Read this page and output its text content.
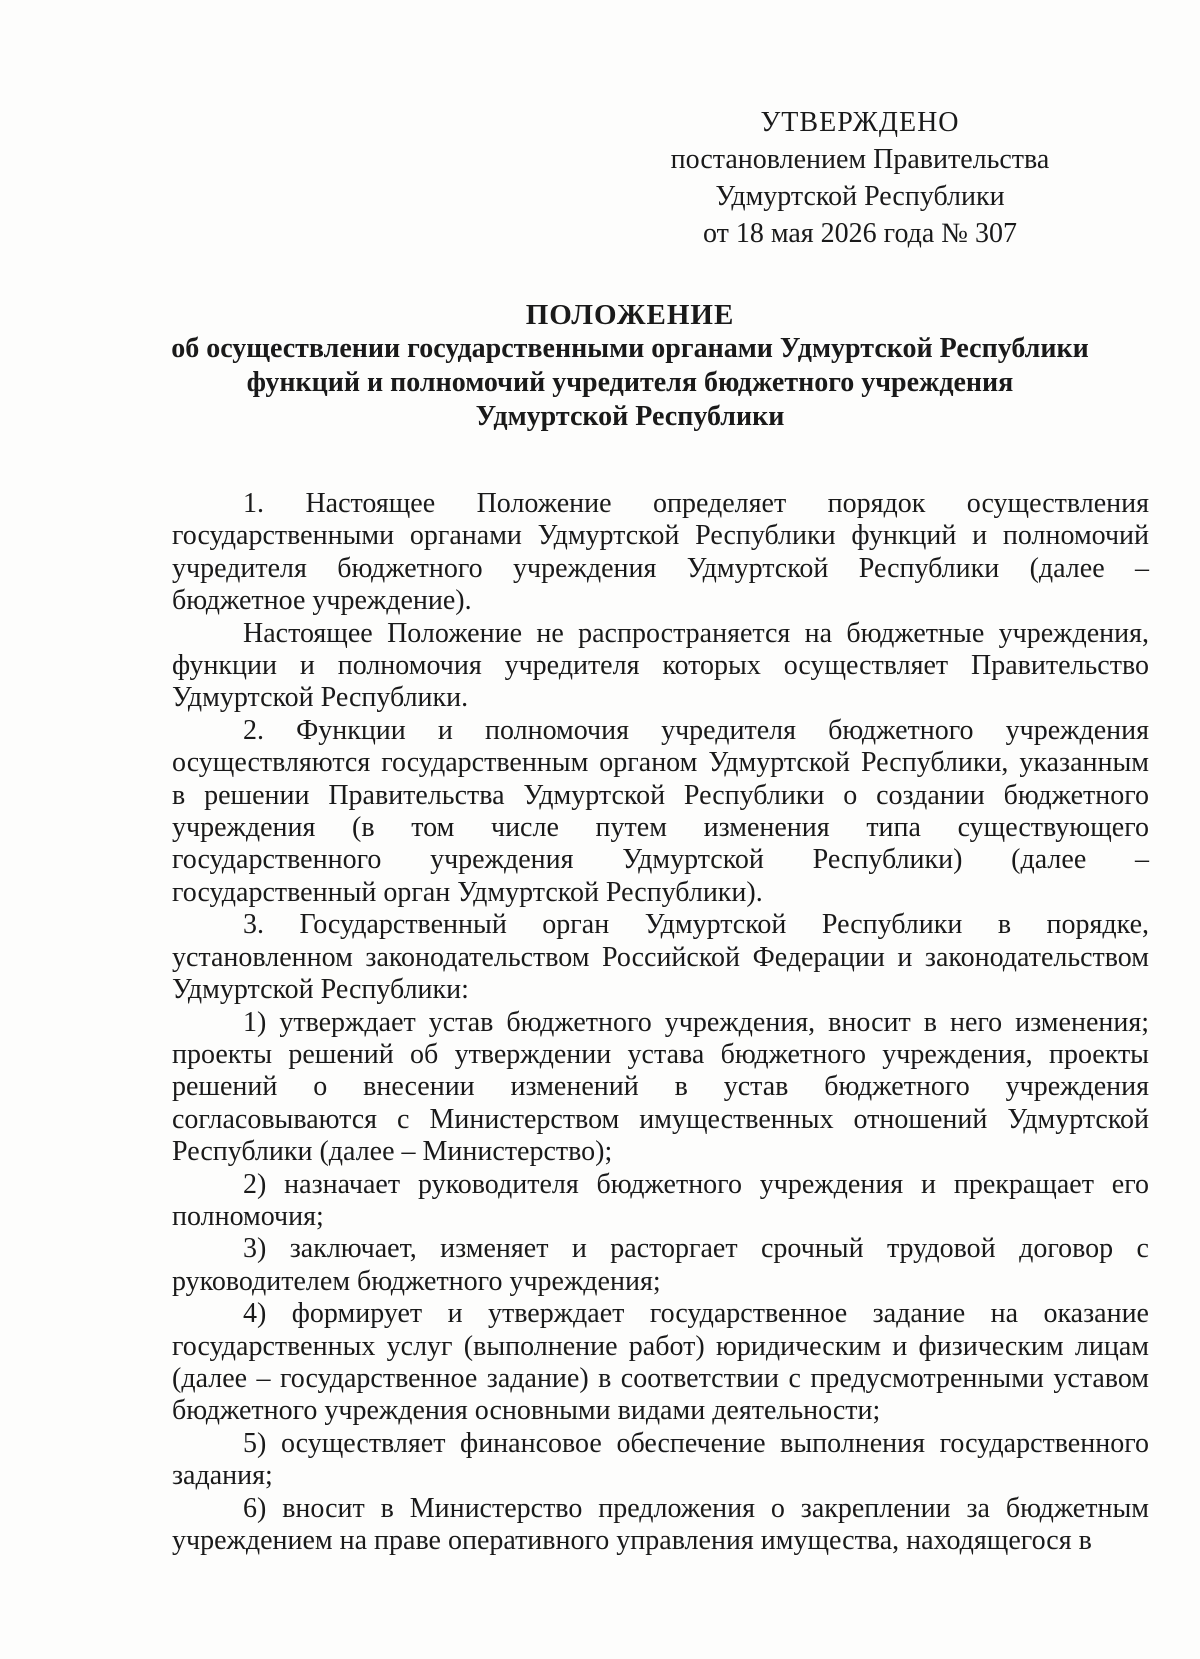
УТВЕРЖДЕНО
постановлением Правительства
Удмуртской Республики
от 18 мая 2026 года № 307
ПОЛОЖЕНИЕ
об осуществлении государственными органами Удмуртской Республики
функций и полномочий учредителя бюджетного учреждения
Удмуртской Республики

1. Настоящее Положение определяет порядок осуществления государственными органами Удмуртской Республики функций и полномочий учредителя бюджетного учреждения Удмуртской Республики (далее – бюджетное учреждение).

Настоящее Положение не распространяется на бюджетные учреждения, функции и полномочия учредителя которых осуществляет Правительство Удмуртской Республики.

2. Функции и полномочия учредителя бюджетного учреждения осуществляются государственным органом Удмуртской Республики, указанным в решении Правительства Удмуртской Республики о создании бюджетного учреждения (в том числе путем изменения типа существующего государственного учреждения Удмуртской Республики) (далее – государственный орган Удмуртской Республики).

3. Государственный орган Удмуртской Республики в порядке, установленном законодательством Российской Федерации и законодательством Удмуртской Республики:

1) утверждает устав бюджетного учреждения, вносит в него изменения; проекты решений об утверждении устава бюджетного учреждения, проекты решений о внесении изменений в устав бюджетного учреждения согласовываются с Министерством имущественных отношений Удмуртской Республики (далее – Министерство);

2) назначает руководителя бюджетного учреждения и прекращает его полномочия;

3) заключает, изменяет и расторгает срочный трудовой договор с руководителем бюджетного учреждения;

4) формирует и утверждает государственное задание на оказание государственных услуг (выполнение работ) юридическим и физическим лицам (далее – государственное задание) в соответствии с предусмотренными уставом бюджетного учреждения основными видами деятельности;

5) осуществляет финансовое обеспечение выполнения государственного задания;

6) вносит в Министерство предложения о закреплении за бюджетным учреждением на праве оперативного управления имущества, находящегося в
